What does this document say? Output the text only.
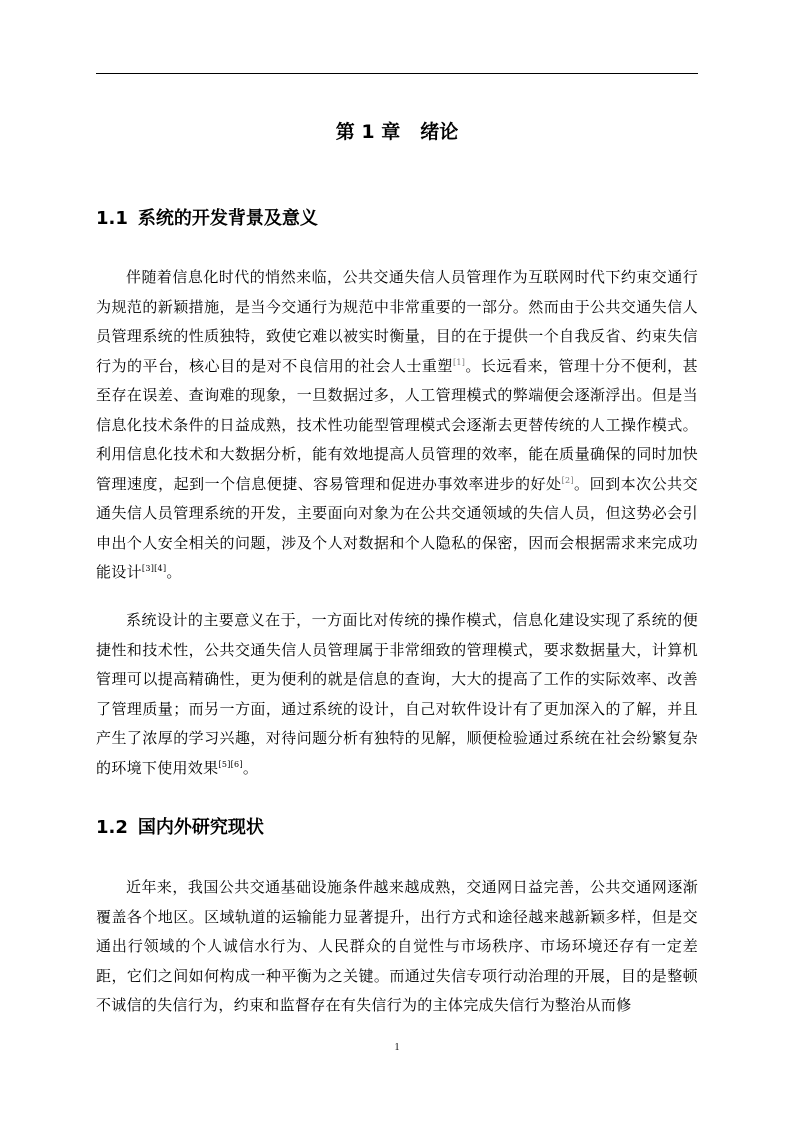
第 1 章 绪论
1.1 系统的开发背景及意义

伴随着信息化时代的悄然来临，公共交通失信人员管理作为互联网时代下约束交通行为规范的新颖措施，是当今交通行为规范中非常重要的一部分。然而由于公共交通失信人员管理系统的性质独特，致使它难以被实时衡量，目的在于提供一个自我反省、约束失信行为的平台，核心目的是对不良信用的社会人士重塑[1]。长远看来，管理十分不便利，甚至存在误差、查询难的现象，一旦数据过多，人工管理模式的弊端便会逐渐浮出。但是当信息化技术条件的日益成熟，技术性功能型管理模式会逐渐去更替传统的人工操作模式。利用信息化技术和大数据分析，能有效地提高人员管理的效率，能在质量确保的同时加快管理速度，起到一个信息便捷、容易管理和促进办事效率进步的好处[2]。回到本次公共交通失信人员管理系统的开发，主要面向对象为在公共交通领域的失信人员，但这势必会引申出个人安全相关的问题，涉及个人对数据和个人隐私的保密，因而会根据需求来完成功能设计[3][4]。

系统设计的主要意义在于，一方面比对传统的操作模式，信息化建设实现了系统的便捷性和技术性，公共交通失信人员管理属于非常细致的管理模式，要求数据量大，计算机管理可以提高精确性，更为便利的就是信息的查询，大大的提高了工作的实际效率、改善了管理质量；而另一方面，通过系统的设计，自己对软件设计有了更加深入的了解，并且产生了浓厚的学习兴趣，对待问题分析有独特的见解，顺便检验通过系统在社会纷繁复杂的环境下使用效果[5][6]。

1.2 国内外研究现状

近年来，我国公共交通基础设施条件越来越成熟，交通网日益完善，公共交通网逐渐覆盖各个地区。区域轨道的运输能力显著提升，出行方式和途径越来越新颖多样，但是交通出行领域的个人诚信水行为、人民群众的自觉性与市场秩序、市场环境还存有一定差距，它们之间如何构成一种平衡为之关键。而通过失信专项行动治理的开展，目的是整顿不诚信的失信行为，约束和监督存在有失信行为的主体完成失信行为整治从而修

1
